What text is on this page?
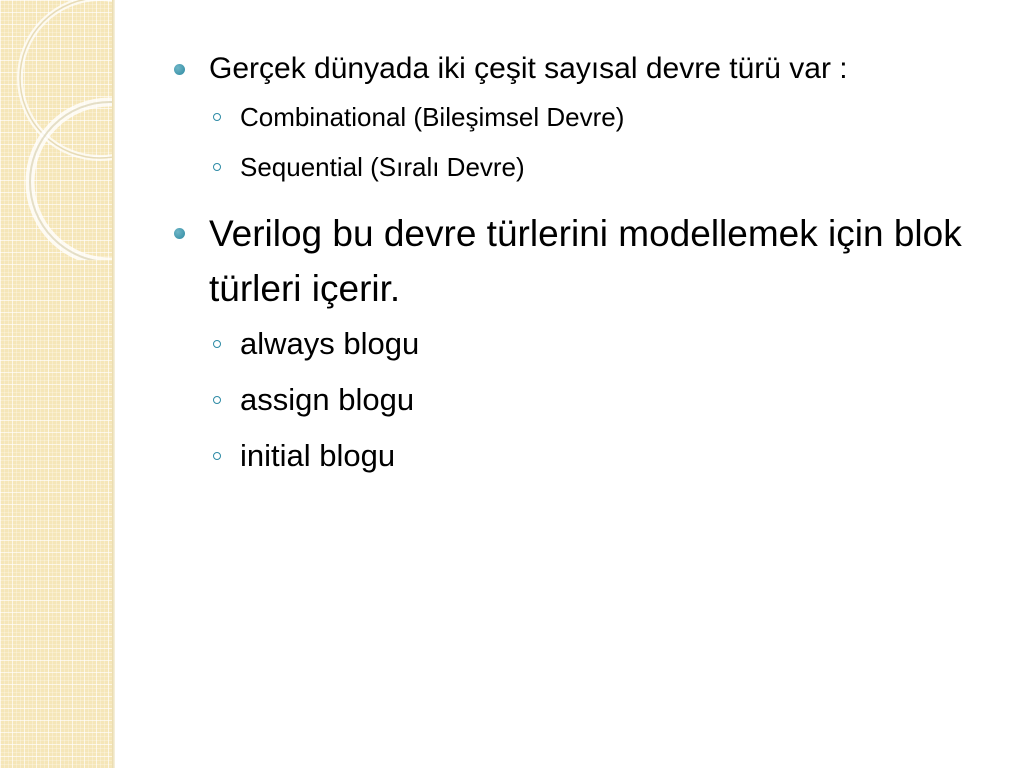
Gerçek dünyada iki çeşit sayısal devre türü var :
Combinational (Bileşimsel Devre)
Sequential (Sıralı Devre)
Verilog bu devre türlerini modellemek için blok türleri içerir.
always blogu
assign blogu
initial blogu
